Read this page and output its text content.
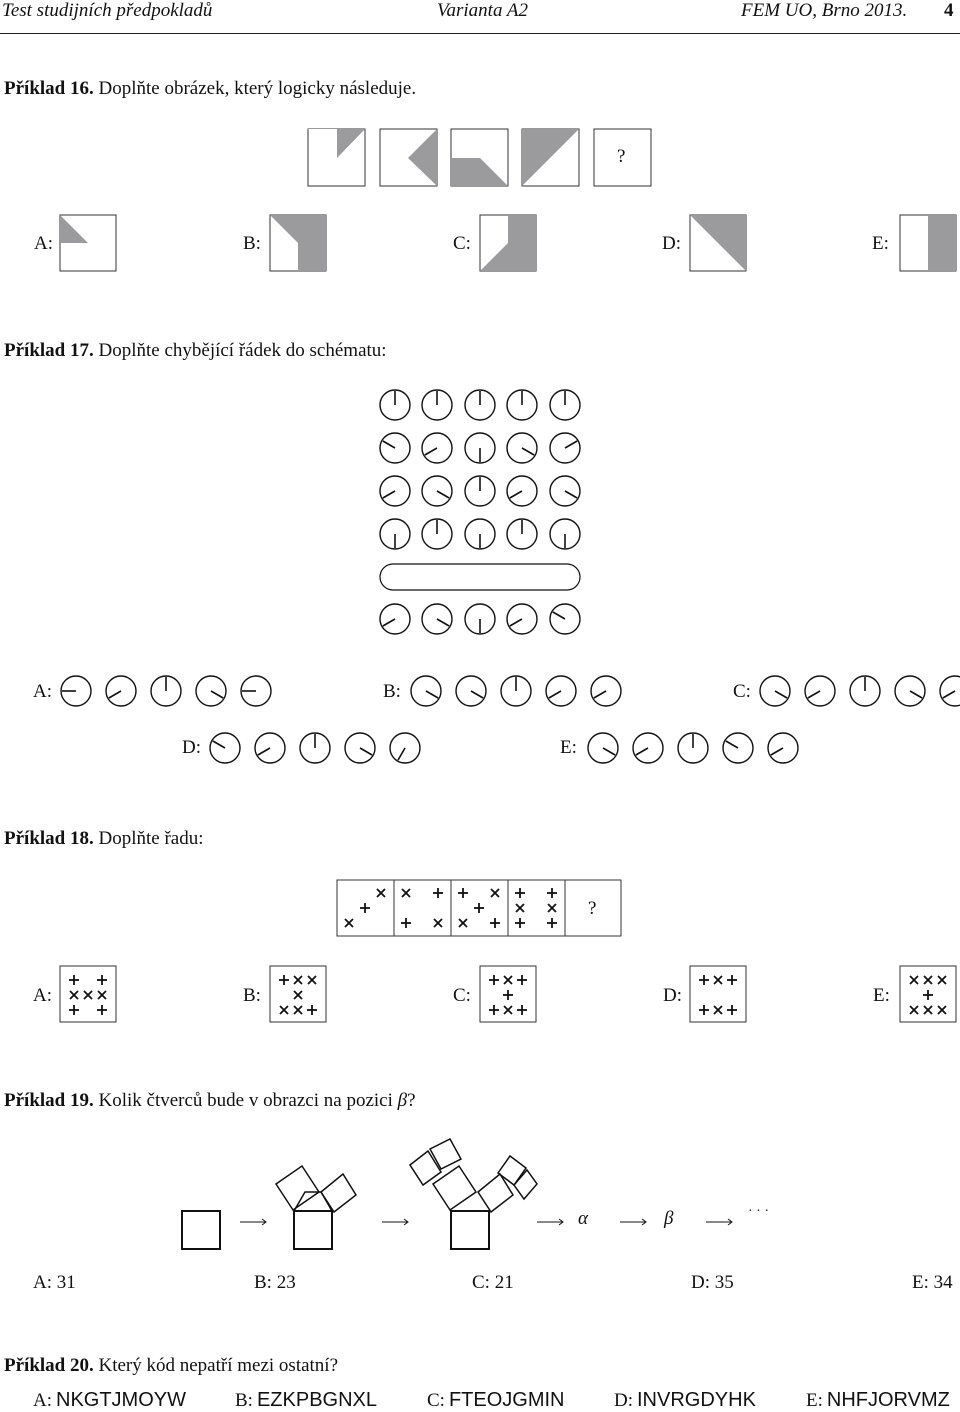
Test studijních předpokladů	Varianta A2	FEM UO, Brno 2013. 4
Příklad 16. Doplňte obrázek, který logicky následuje.
?
A:	B:	C:	D:	E:
Příklad 17. Doplňte chybějící řádek do schématu:
A:	B:	C:
D:	E:
Příklad 18. Doplňte řadu:
?
A:	B:	C:	D:	E:
Příklad 19. Kolik čtverců bude v obrazci na pozici β?
α	β	· · ·
A: 31	B: 23	C: 21	D: 35	E: 34
Příklad 20. Který kód nepatří mezi ostatní?
A: NKGTJMOYW	B: EZKPBGNXL	C: FTEOJGMIN	D: INVRGDYHK	E: NHFJORVMZ
